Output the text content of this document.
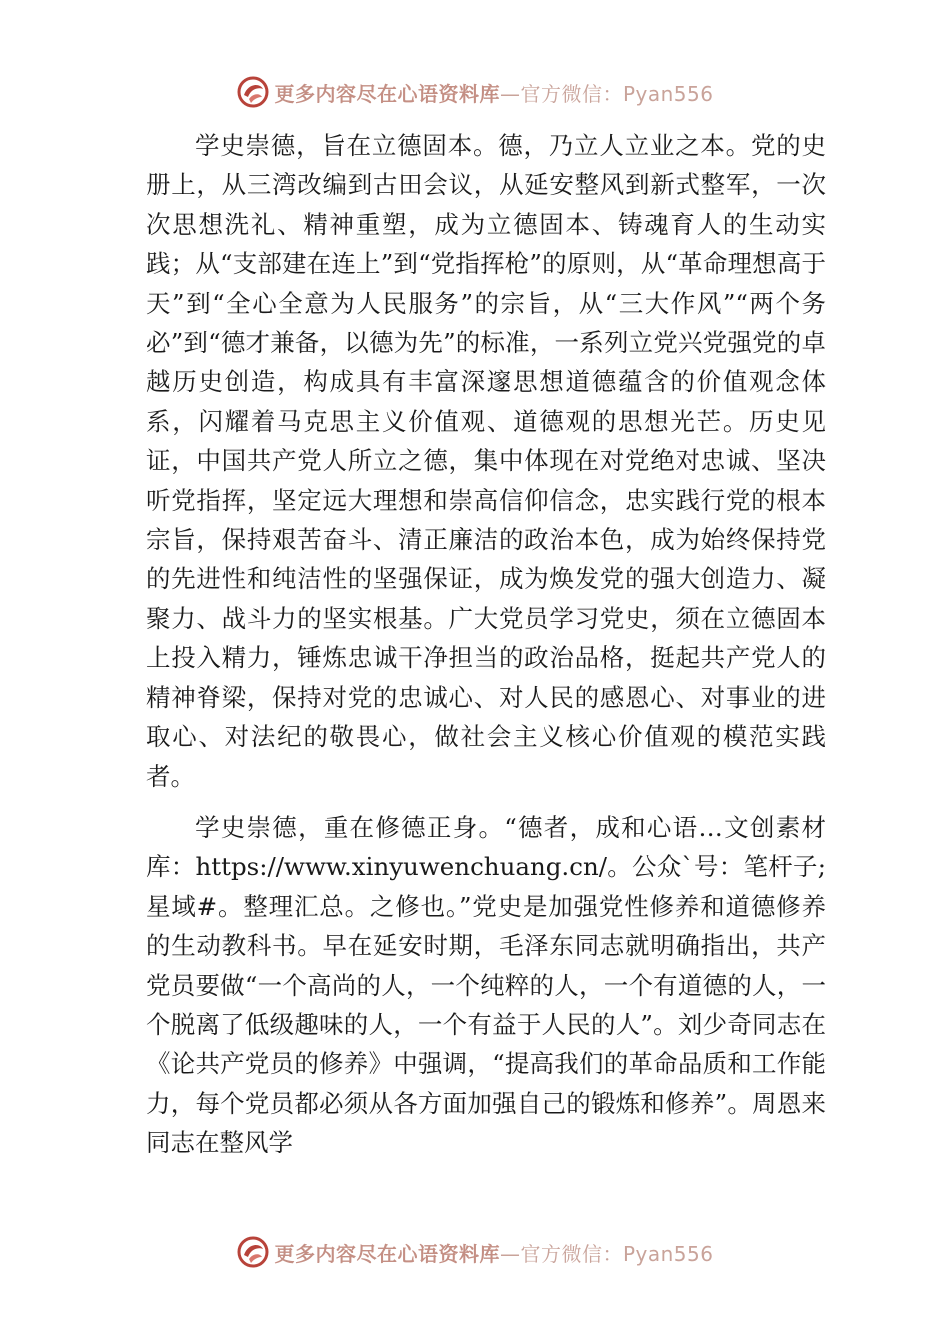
更多内容尽在心语资料库—官方微信：Pyan556

学史崇德，旨在立德固本。德，乃立人立业之本。党的史册上，从三湾改编到古田会议，从延安整风到新式整军，一次次思想洗礼、精神重塑，成为立德固本、铸魂育人的生动实践；从“支部建在连上”到“党指挥枪”的原则，从“革命理想高于天”到“全心全意为人民服务”的宗旨，从“三大作风”“两个务必”到“德才兼备，以德为先”的标准，一系列立党兴党强党的卓越历史创造，构成具有丰富深邃思想道德蕴含的价值观念体系，闪耀着马克思主义价值观、道德观的思想光芒。历史见证，中国共产党人所立之德，集中体现在对党绝对忠诚、坚决听党指挥，坚定远大理想和崇高信仰信念，忠实践行党的根本宗旨，保持艰苦奋斗、清正廉洁的政治本色，成为始终保持党的先进性和纯洁性的坚强保证，成为焕发党的强大创造力、凝聚力、战斗力的坚实根基。广大党员学习党史，须在立德固本上投入精力，锤炼忠诚干净担当的政治品格，挺起共产党人的精神脊梁，保持对党的忠诚心、对人民的感恩心、对事业的进取心、对法纪的敬畏心，做社会主义核心价值观的模范实践者。

学史崇德，重在修德正身。“德者，成和心语…文创素材库：https://www.xinyuwenchuang.cn/。公众`号：笔杆子;星域#。整理汇总。之修也。”党史是加强党性修养和道德修养的生动教科书。早在延安时期，毛泽东同志就明确指出，共产党员要做“一个高尚的人，一个纯粹的人，一个有道德的人，一个脱离了低级趣味的人，一个有益于人民的人”。刘少奇同志在《论共产党员的修养》中强调，“提高我们的革命品质和工作能力，每个党员都必须从各方面加强自己的锻炼和修养”。周恩来同志在整风学

更多内容尽在心语资料库—官方微信：Pyan556
